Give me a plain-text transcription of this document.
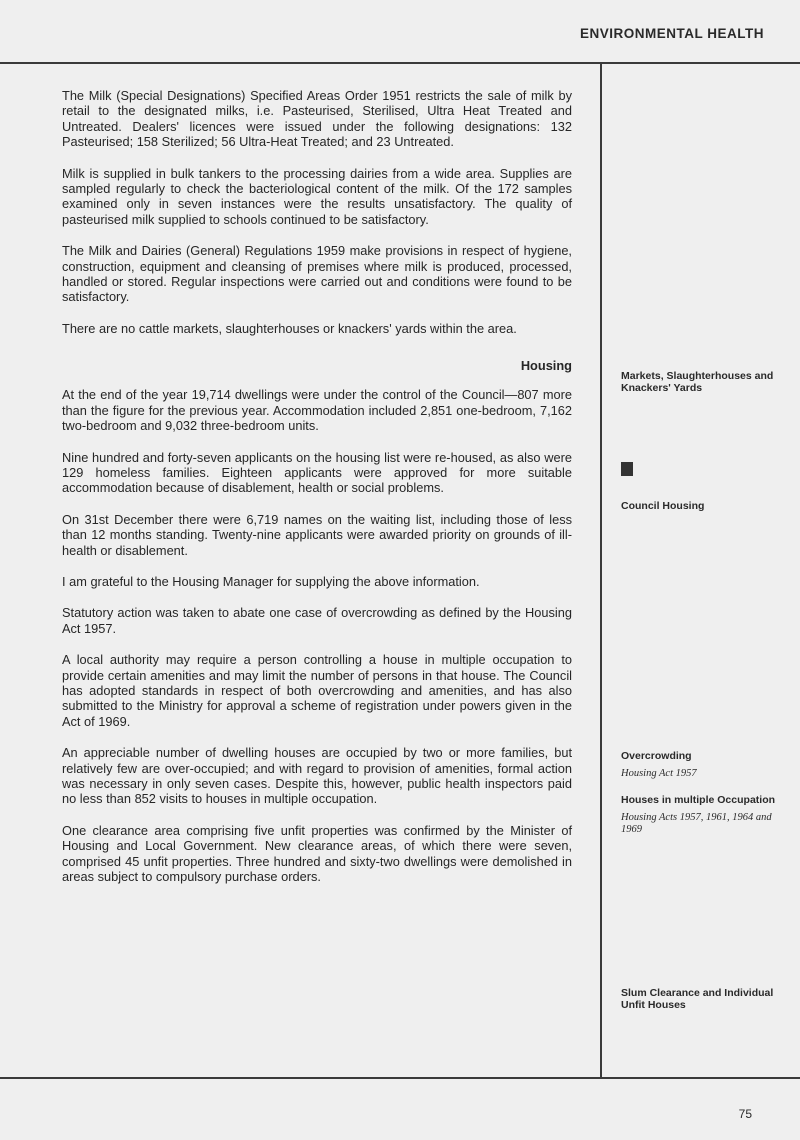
ENVIRONMENTAL HEALTH

The Milk (Special Designations) Specified Areas Order 1951 restricts the sale of milk by retail to the designated milks, i.e. Pasteurised, Sterilised, Ultra Heat Treated and Untreated. Dealers' licences were issued under the following designations: 132 Pasteurised; 158 Sterilized; 56 Ultra-Heat Treated; and 23 Untreated.

Milk is supplied in bulk tankers to the processing dairies from a wide area. Supplies are sampled regularly to check the bacteriological content of the milk. Of the 172 samples examined only in seven instances were the results unsatisfactory. The quality of pasteurised milk supplied to schools continued to be satisfactory.

The Milk and Dairies (General) Regulations 1959 make provisions in respect of hygiene, construction, equipment and cleansing of premises where milk is produced, processed, handled or stored. Regular inspections were carried out and conditions were found to be satisfactory.

There are no cattle markets, slaughterhouses or knackers' yards within the area.

Housing

At the end of the year 19,714 dwellings were under the control of the Council—807 more than the figure for the previous year. Accommodation included 2,851 one-bedroom, 7,162 two-bedroom and 9,032 three-bedroom units.

Nine hundred and forty-seven applicants on the housing list were re-housed, as also were 129 homeless families. Eighteen applicants were approved for more suitable accommodation because of disablement, health or social problems.

On 31st December there were 6,719 names on the waiting list, including those of less than 12 months standing. Twenty-nine applicants were awarded priority on grounds of ill-health or disablement.

I am grateful to the Housing Manager for supplying the above information.

Statutory action was taken to abate one case of overcrowding as defined by the Housing Act 1957.

A local authority may require a person controlling a house in multiple occupation to provide certain amenities and may limit the number of persons in that house. The Council has adopted standards in respect of both overcrowding and amenities, and has also submitted to the Ministry for approval a scheme of registration under powers given in the Act of 1969.

An appreciable number of dwelling houses are occupied by two or more families, but relatively few are over-occupied; and with regard to provision of amenities, formal action was necessary in only seven cases. Despite this, however, public health inspectors paid no less than 852 visits to houses in multiple occupation.

One clearance area comprising five unfit properties was confirmed by the Minister of Housing and Local Government. New clearance areas, of which there were seven, comprised 45 unfit properties. Three hundred and sixty-two dwellings were demolished in areas subject to compulsory purchase orders.

Markets, Slaughterhouses and Knackers' Yards

Council Housing

Overcrowding

Housing Act 1957

Houses in multiple Occupation

Housing Acts 1957, 1961, 1964 and 1969

Slum Clearance and Individual Unfit Houses

75
